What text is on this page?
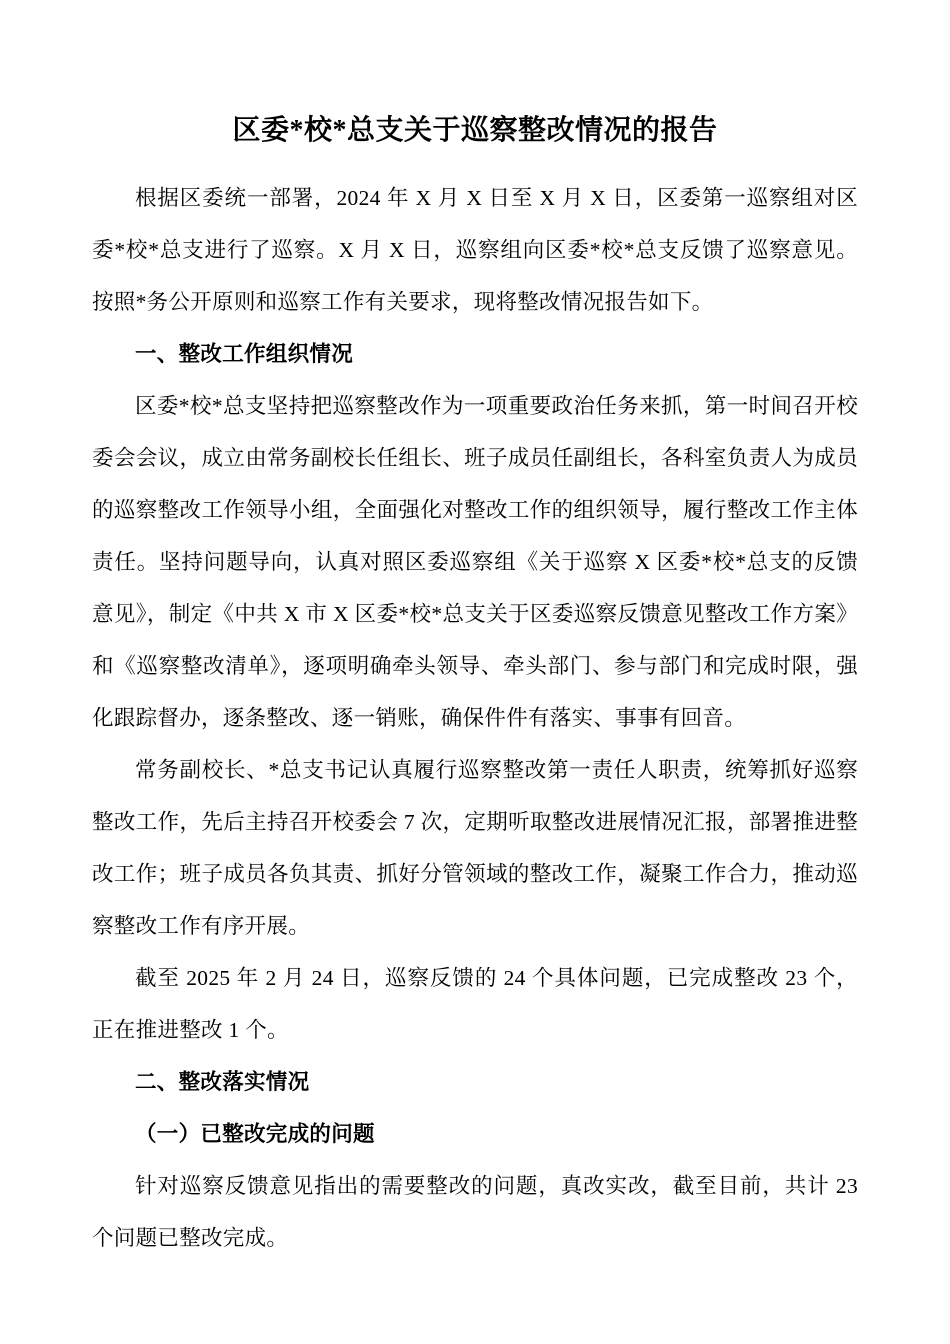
区委*校*总支关于巡察整改情况的报告

根据区委统一部署，2024 年 X 月 X 日至 X 月 X 日，区委第一巡察组对区委*校*总支进行了巡察。X 月 X 日，巡察组向区委*校*总支反馈了巡察意见。按照*务公开原则和巡察工作有关要求，现将整改情况报告如下。

一、整改工作组织情况

区委*校*总支坚持把巡察整改作为一项重要政治任务来抓，第一时间召开校委会会议，成立由常务副校长任组长、班子成员任副组长，各科室负责人为成员的巡察整改工作领导小组，全面强化对整改工作的组织领导，履行整改工作主体责任。坚持问题导向，认真对照区委巡察组《关于巡察 X 区委*校*总支的反馈意见》，制定《中共 X 市 X 区委*校*总支关于区委巡察反馈意见整改工作方案》和《巡察整改清单》，逐项明确牵头领导、牵头部门、参与部门和完成时限，强化跟踪督办，逐条整改、逐一销账，确保件件有落实、事事有回音。

常务副校长、*总支书记认真履行巡察整改第一责任人职责，统筹抓好巡察整改工作，先后主持召开校委会 7 次，定期听取整改进展情况汇报，部署推进整改工作；班子成员各负其责、抓好分管领域的整改工作，凝聚工作合力，推动巡察整改工作有序开展。

截至 2025 年 2 月 24 日，巡察反馈的 24 个具体问题，已完成整改 23 个，正在推进整改 1 个。

二、整改落实情况

（一）已整改完成的问题

针对巡察反馈意见指出的需要整改的问题，真改实改，截至目前，共计 23 个问题已整改完成。
